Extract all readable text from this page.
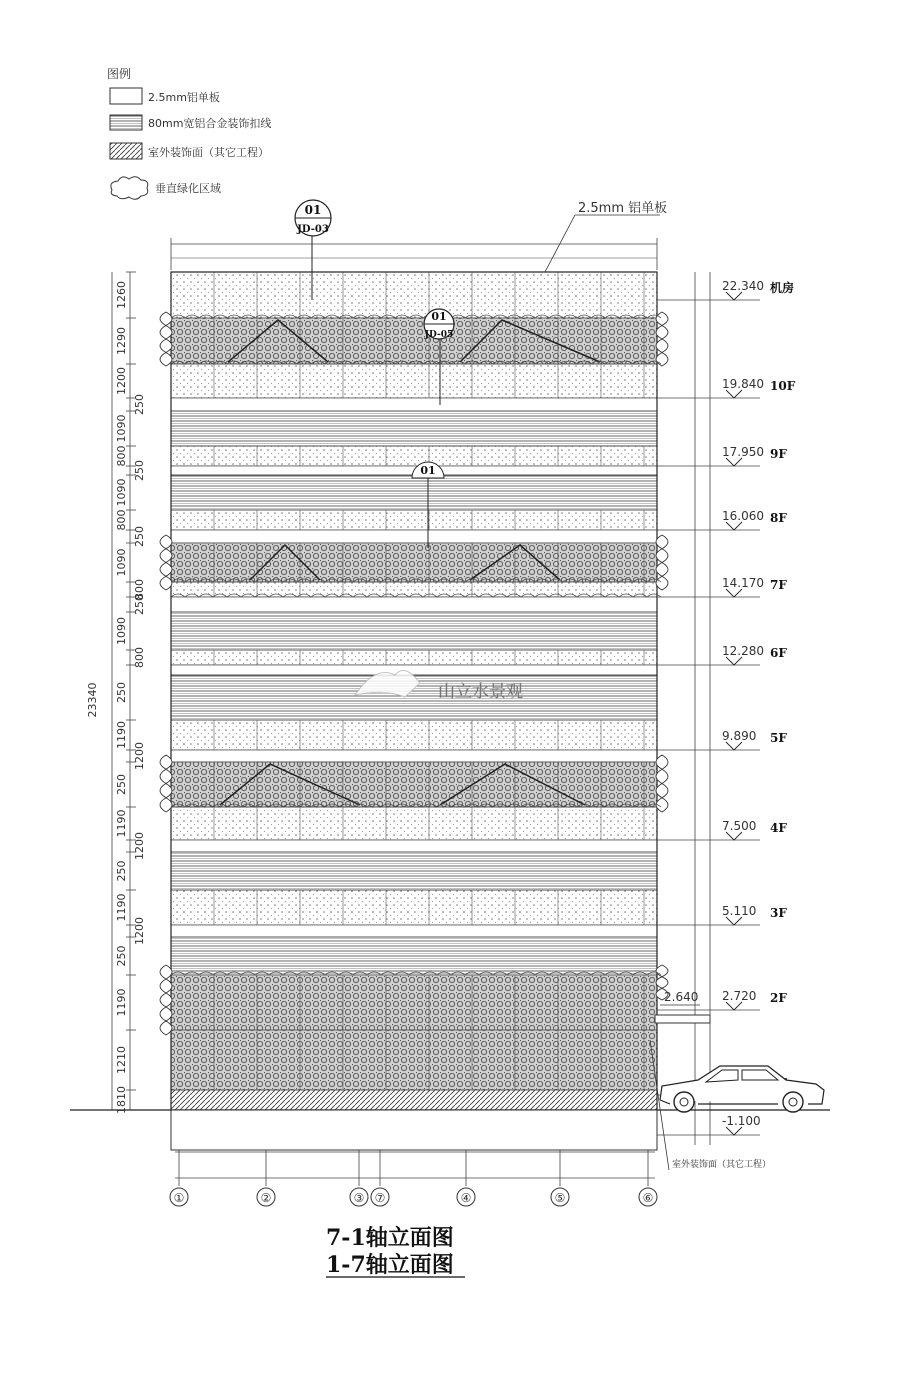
图例
2.5mm铝单板
80mm宽铝合金装饰扣线
室外装饰面（其它工程）
垂直绿化区域
01
JD-03
2.5mm 铝单板
01
JD-05
01
23340
1260
1290
1200
250
1090
800
250
1090
800
250
1090
800
250
1090
800
250
1190
1200
250
1190
1200
250
1190
1200
250
1190
1210
1810
22.340 机房
19.840 10F
17.950 9F
16.060 8F
14.170 7F
12.280 6F
9.890 5F
7.500 4F
5.110 3F
2.720 2F
-1.100
室外装饰面（其它工程）
2.640
①	②	③ ⑦	④	⑤	⑥
山立水景观
7-1轴立面图
1-7轴立面图
